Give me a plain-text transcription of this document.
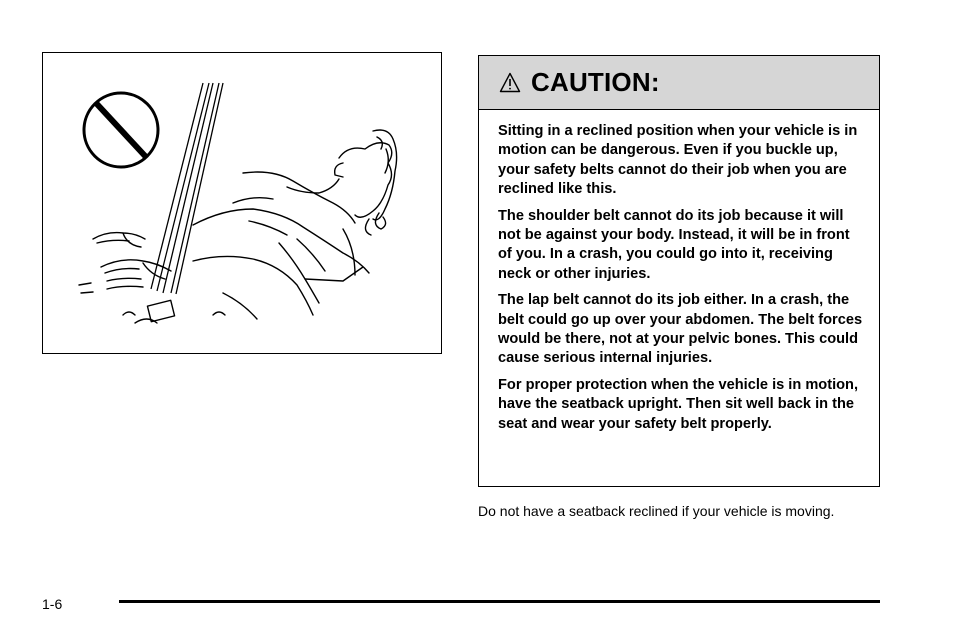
CAUTION:

Sitting in a reclined position when your vehicle is in motion can be dangerous. Even if you buckle up, your safety belts cannot do their job when you are reclined like this.

The shoulder belt cannot do its job because it will not be against your body. Instead, it will be in front of you. In a crash, you could go into it, receiving neck or other injuries.

The lap belt cannot do its job either. In a crash, the belt could go up over your abdomen. The belt forces would be there, not at your pelvic bones. This could cause serious internal injuries.

For proper protection when the vehicle is in motion, have the seatback upright. Then sit well back in the seat and wear your safety belt properly.

Do not have a seatback reclined if your vehicle is moving.
1-6
